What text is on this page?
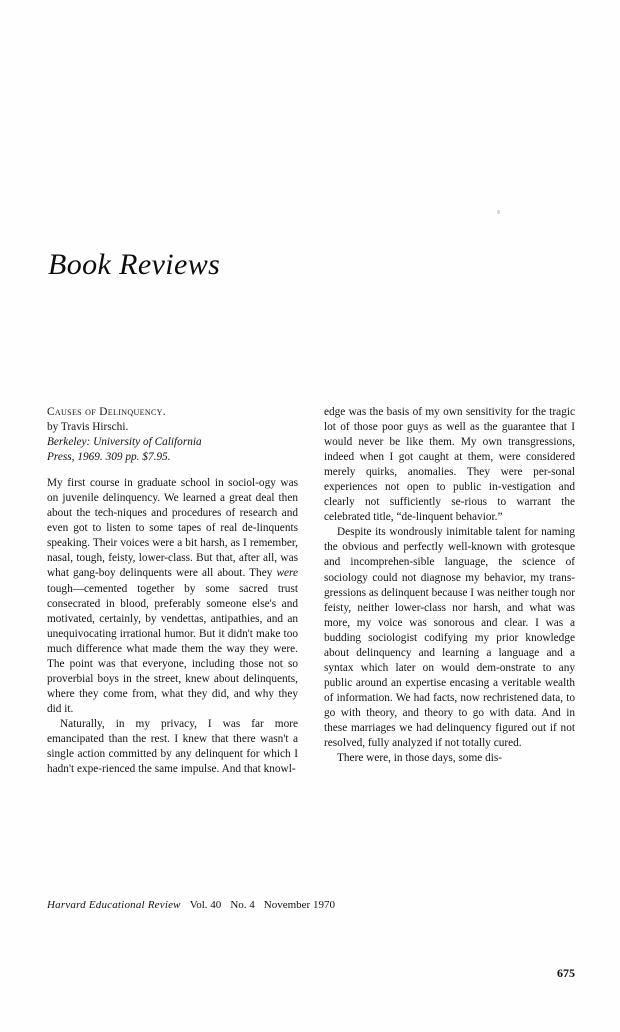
Book Reviews
Causes of Delinquency.
by Travis Hirschi.
Berkeley: University of California
Press, 1969. 309 pp. $7.95.

My first course in graduate school in sociol-ogy was on juvenile delinquency. We learned a great deal then about the tech-niques and procedures of research and even got to listen to some tapes of real de-linquents speaking. Their voices were a bit harsh, as I remember, nasal, tough, feisty, lower-class. But that, after all, was what gang-boy delinquents were all about. They were tough—cemented together by some sacred trust consecrated in blood, preferably someone else's and motivated, certainly, by vendettas, antipathies, and an unequivocating irrational humor. But it didn't make too much difference what made them the way they were. The point was that everyone, including those not so proverbial boys in the street, knew about delinquents, where they come from, what they did, and why they did it.

Naturally, in my privacy, I was far more emancipated than the rest. I knew that there wasn't a single action committed by any delinquent for which I hadn't expe-rienced the same impulse. And that knowl-

edge was the basis of my own sensitivity for the tragic lot of those poor guys as well as the guarantee that I would never be like them. My own transgressions, indeed when I got caught at them, were considered merely quirks, anomalies. They were per-sonal experiences not open to public in-vestigation and clearly not sufficiently se-rious to warrant the celebrated title, “de-linquent behavior.”

Despite its wondrously inimitable talent for naming the obvious and perfectly well-known with grotesque and incomprehen-sible language, the science of sociology could not diagnose my behavior, my trans-gressions as delinquent because I was neither tough nor feisty, neither lower-class nor harsh, and what was more, my voice was sonorous and clear. I was a budding sociologist codifying my prior knowledge about delinquency and learning a language and a syntax which later on would dem-onstrate to any public around an expertise encasing a veritable wealth of information. We had facts, now rechristened data, to go with theory, and theory to go with data. And in these marriages we had delinquency figured out if not resolved, fully analyzed if not totally cured.

There were, in those days, some dis-

Harvard Educational Review Vol. 40 No. 4 November 1970
675
